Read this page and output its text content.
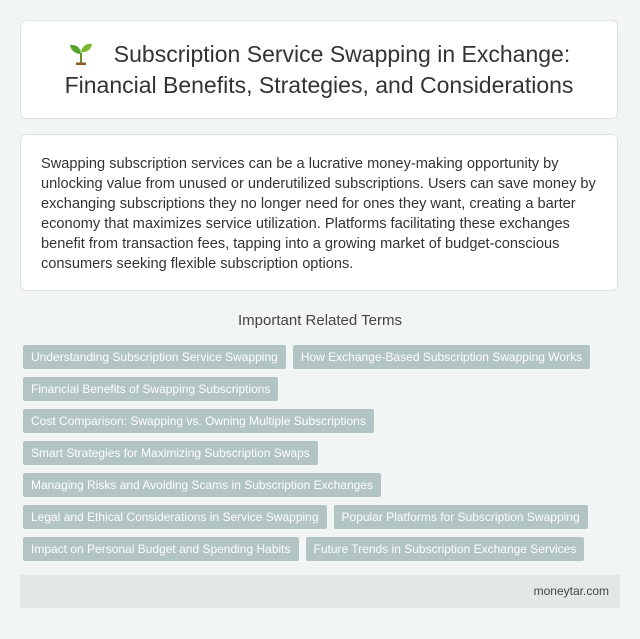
Subscription Service Swapping in Exchange: Financial Benefits, Strategies, and Considerations

Swapping subscription services can be a lucrative money-making opportunity by unlocking value from unused or underutilized subscriptions. Users can save money by exchanging subscriptions they no longer need for ones they want, creating a barter economy that maximizes service utilization. Platforms facilitating these exchanges benefit from transaction fees, tapping into a growing market of budget-conscious consumers seeking flexible subscription options.

Important Related Terms
Understanding Subscription Service Swapping	How Exchange-Based Subscription Swapping Works
Financial Benefits of Swapping Subscriptions
Cost Comparison: Swapping vs. Owning Multiple Subscriptions
Smart Strategies for Maximizing Subscription Swaps
Managing Risks and Avoiding Scams in Subscription Exchanges
Legal and Ethical Considerations in Service Swapping	Popular Platforms for Subscription Swapping
Impact on Personal Budget and Spending Habits	Future Trends in Subscription Exchange Services
moneytar.com
